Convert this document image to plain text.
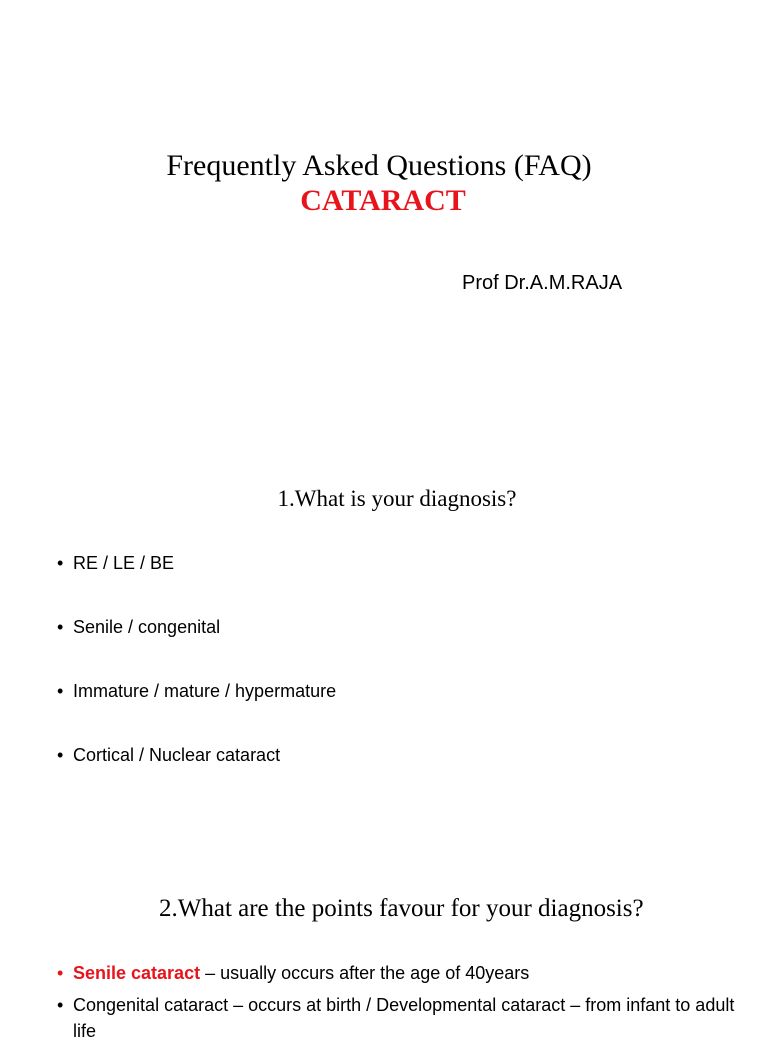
Frequently Asked Questions (FAQ)
CATARACT

Prof Dr.A.M.RAJA

1.What is your diagnosis?
• RE / LE / BE
• Senile / congenital
• Immature / mature / hypermature
• Cortical / Nuclear cataract
2.What are the points favour for your diagnosis?
• Senile cataract – usually occurs after the age of 40years
• Congenital cataract – occurs at birth / Developmental cataract – from infant to adult life
